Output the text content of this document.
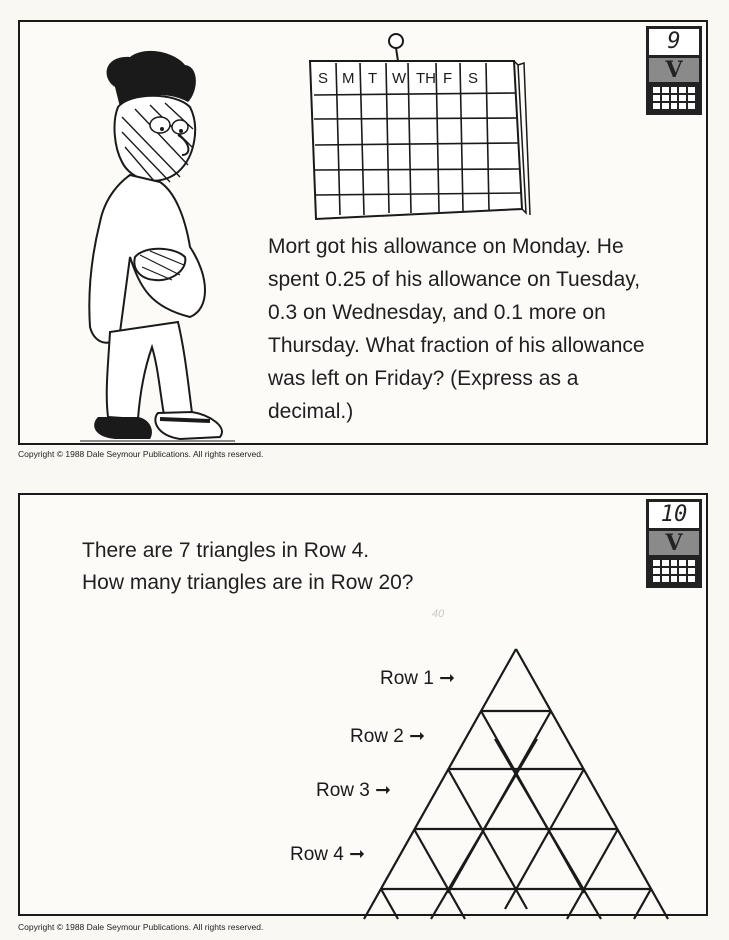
9
V
S M T W TH F S

Mort got his allowance on Monday. He spent 0.25 of his allowance on Tuesday, 0.3 on Wednesday, and 0.1 more on Thursday. What fraction of his allowance was left on Friday? (Express as a decimal.)

Copyright © 1988 Dale Seymour Publications. All rights reserved.
10
V
There are 7 triangles in Row 4.
How many triangles are in Row 20?
40
Row 1 ➞
Row 2 ➞
Row 3 ➞
Row 4 ➞
Copyright © 1988 Dale Seymour Publications. All rights reserved.
